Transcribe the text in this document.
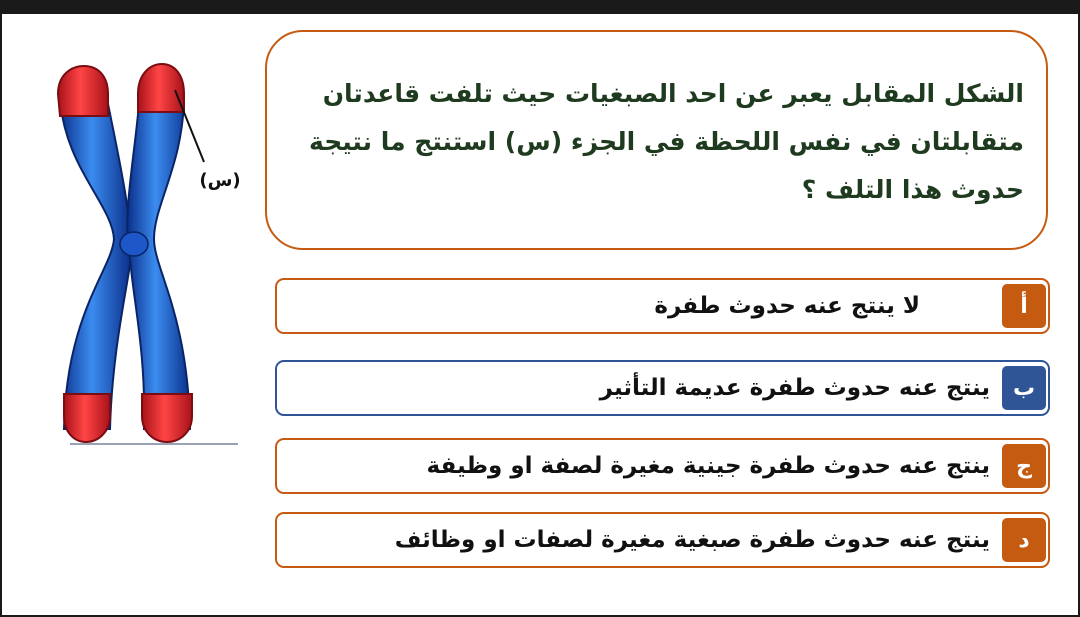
(س)
الشكل المقابل يعبر عن احد الصبغيات حيث تلفت قاعدتان متقابلتان في نفس اللحظة في الجزء (س) استنتج ما نتيجة حدوث هذا التلف ؟
أ
لا ينتج عنه حدوث طفرة
ب
ينتج عنه حدوث طفرة عديمة التأثير
ج
ينتج عنه حدوث طفرة جينية مغيرة لصفة او وظيفة
د
ينتج عنه حدوث طفرة صبغية مغيرة لصفات او وظائف
